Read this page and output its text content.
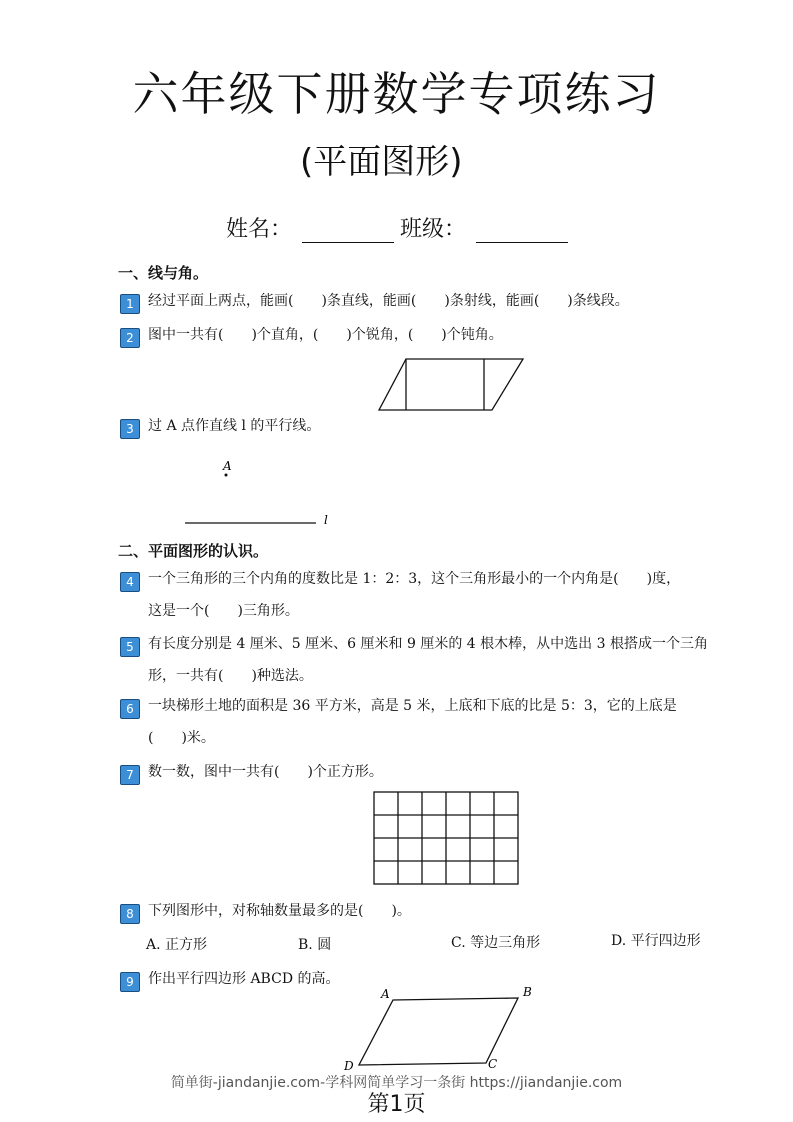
六年级下册数学专项练习
(平面图形)
姓名：	班级：
一、线与角。
1 经过平面上两点，能画(　　)条直线，能画(　　)条射线，能画(　　)条线段。
2 图中一共有(　　)个直角，(　　)个锐角，(　　)个钝角。
3 过 A 点作直线 l 的平行线。
A
l
二、平面图形的认识。
4 一个三角形的三个内角的度数比是 1：2：3，这个三角形最小的一个内角是(　　)度，
这是一个(　　)三角形。
5 有长度分别是 4 厘米、5 厘米、6 厘米和 9 厘米的 4 根木棒，从中选出 3 根搭成一个三角
形，一共有(　　)种选法。
6 一块梯形土地的面积是 36 平方米，高是 5 米，上底和下底的比是 5：3，它的上底是
(　　)米。
7 数一数，图中一共有(　　)个正方形。
8 下列图形中，对称轴数量最多的是(　　)。
A. 正方形	B. 圆	C. 等边三角形	D. 平行四边形
9 作出平行四边形 ABCD 的高。
A	B
C
D
简单街-jiandanjie.com-学科网简单学习一条街 https://jiandanjie.com
第1页
